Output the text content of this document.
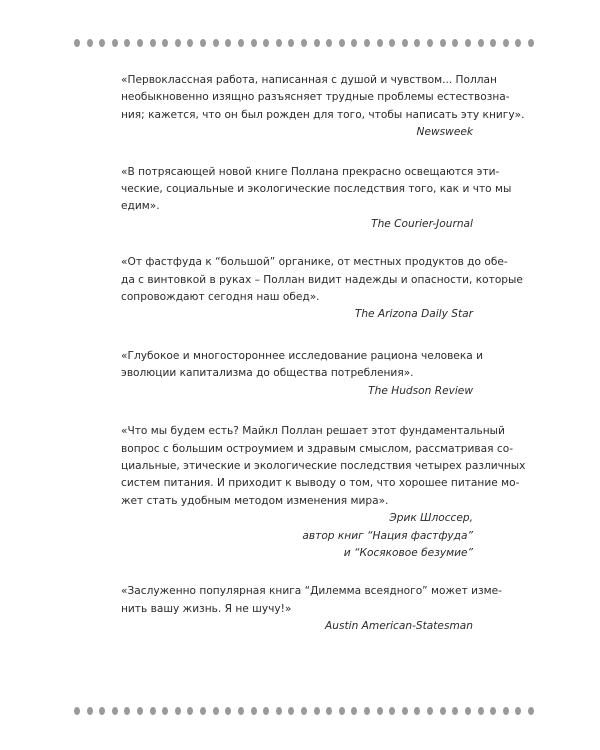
«Первоклассная работа, написанная с душой и чувством... Поллан
необыкновенно изящно разъясняет трудные проблемы естествозна-
ния; кажется, что он был рожден для того, чтобы написать эту книгу».

Newsweek

«В потрясающей новой книге Поллана прекрасно освещаются эти-
ческие, социальные и экологические последствия того, как и что мы
едим».

The Courier-Journal

«От фастфуда к “большой” органике, от местных продуктов до обе-
да с винтовкой в руках – Поллан видит надежды и опасности, которые
сопровождают сегодня наш обед».

The Arizona Daily Star

«Глубокое и многостороннее исследование рациона человека и
эволюции капитализма до общества потребления».

The Hudson Review

«Что мы будем есть? Майкл Поллан решает этот фундаментальный
вопрос с большим остроумием и здравым смыслом, рассматривая со-
циальные, этические и экологические последствия четырех различных
систем питания. И приходит к выводу о том, что хорошее питание мо-
жет стать удобным методом изменения мира».

Эрик Шлоссер,
автор книг “Нация фастфуда”
и “Косяковое безумие”

«Заслуженно популярная книга “Дилемма всеядного” может изме-
нить вашу жизнь. Я не шучу!»

Austin American-Statesman
